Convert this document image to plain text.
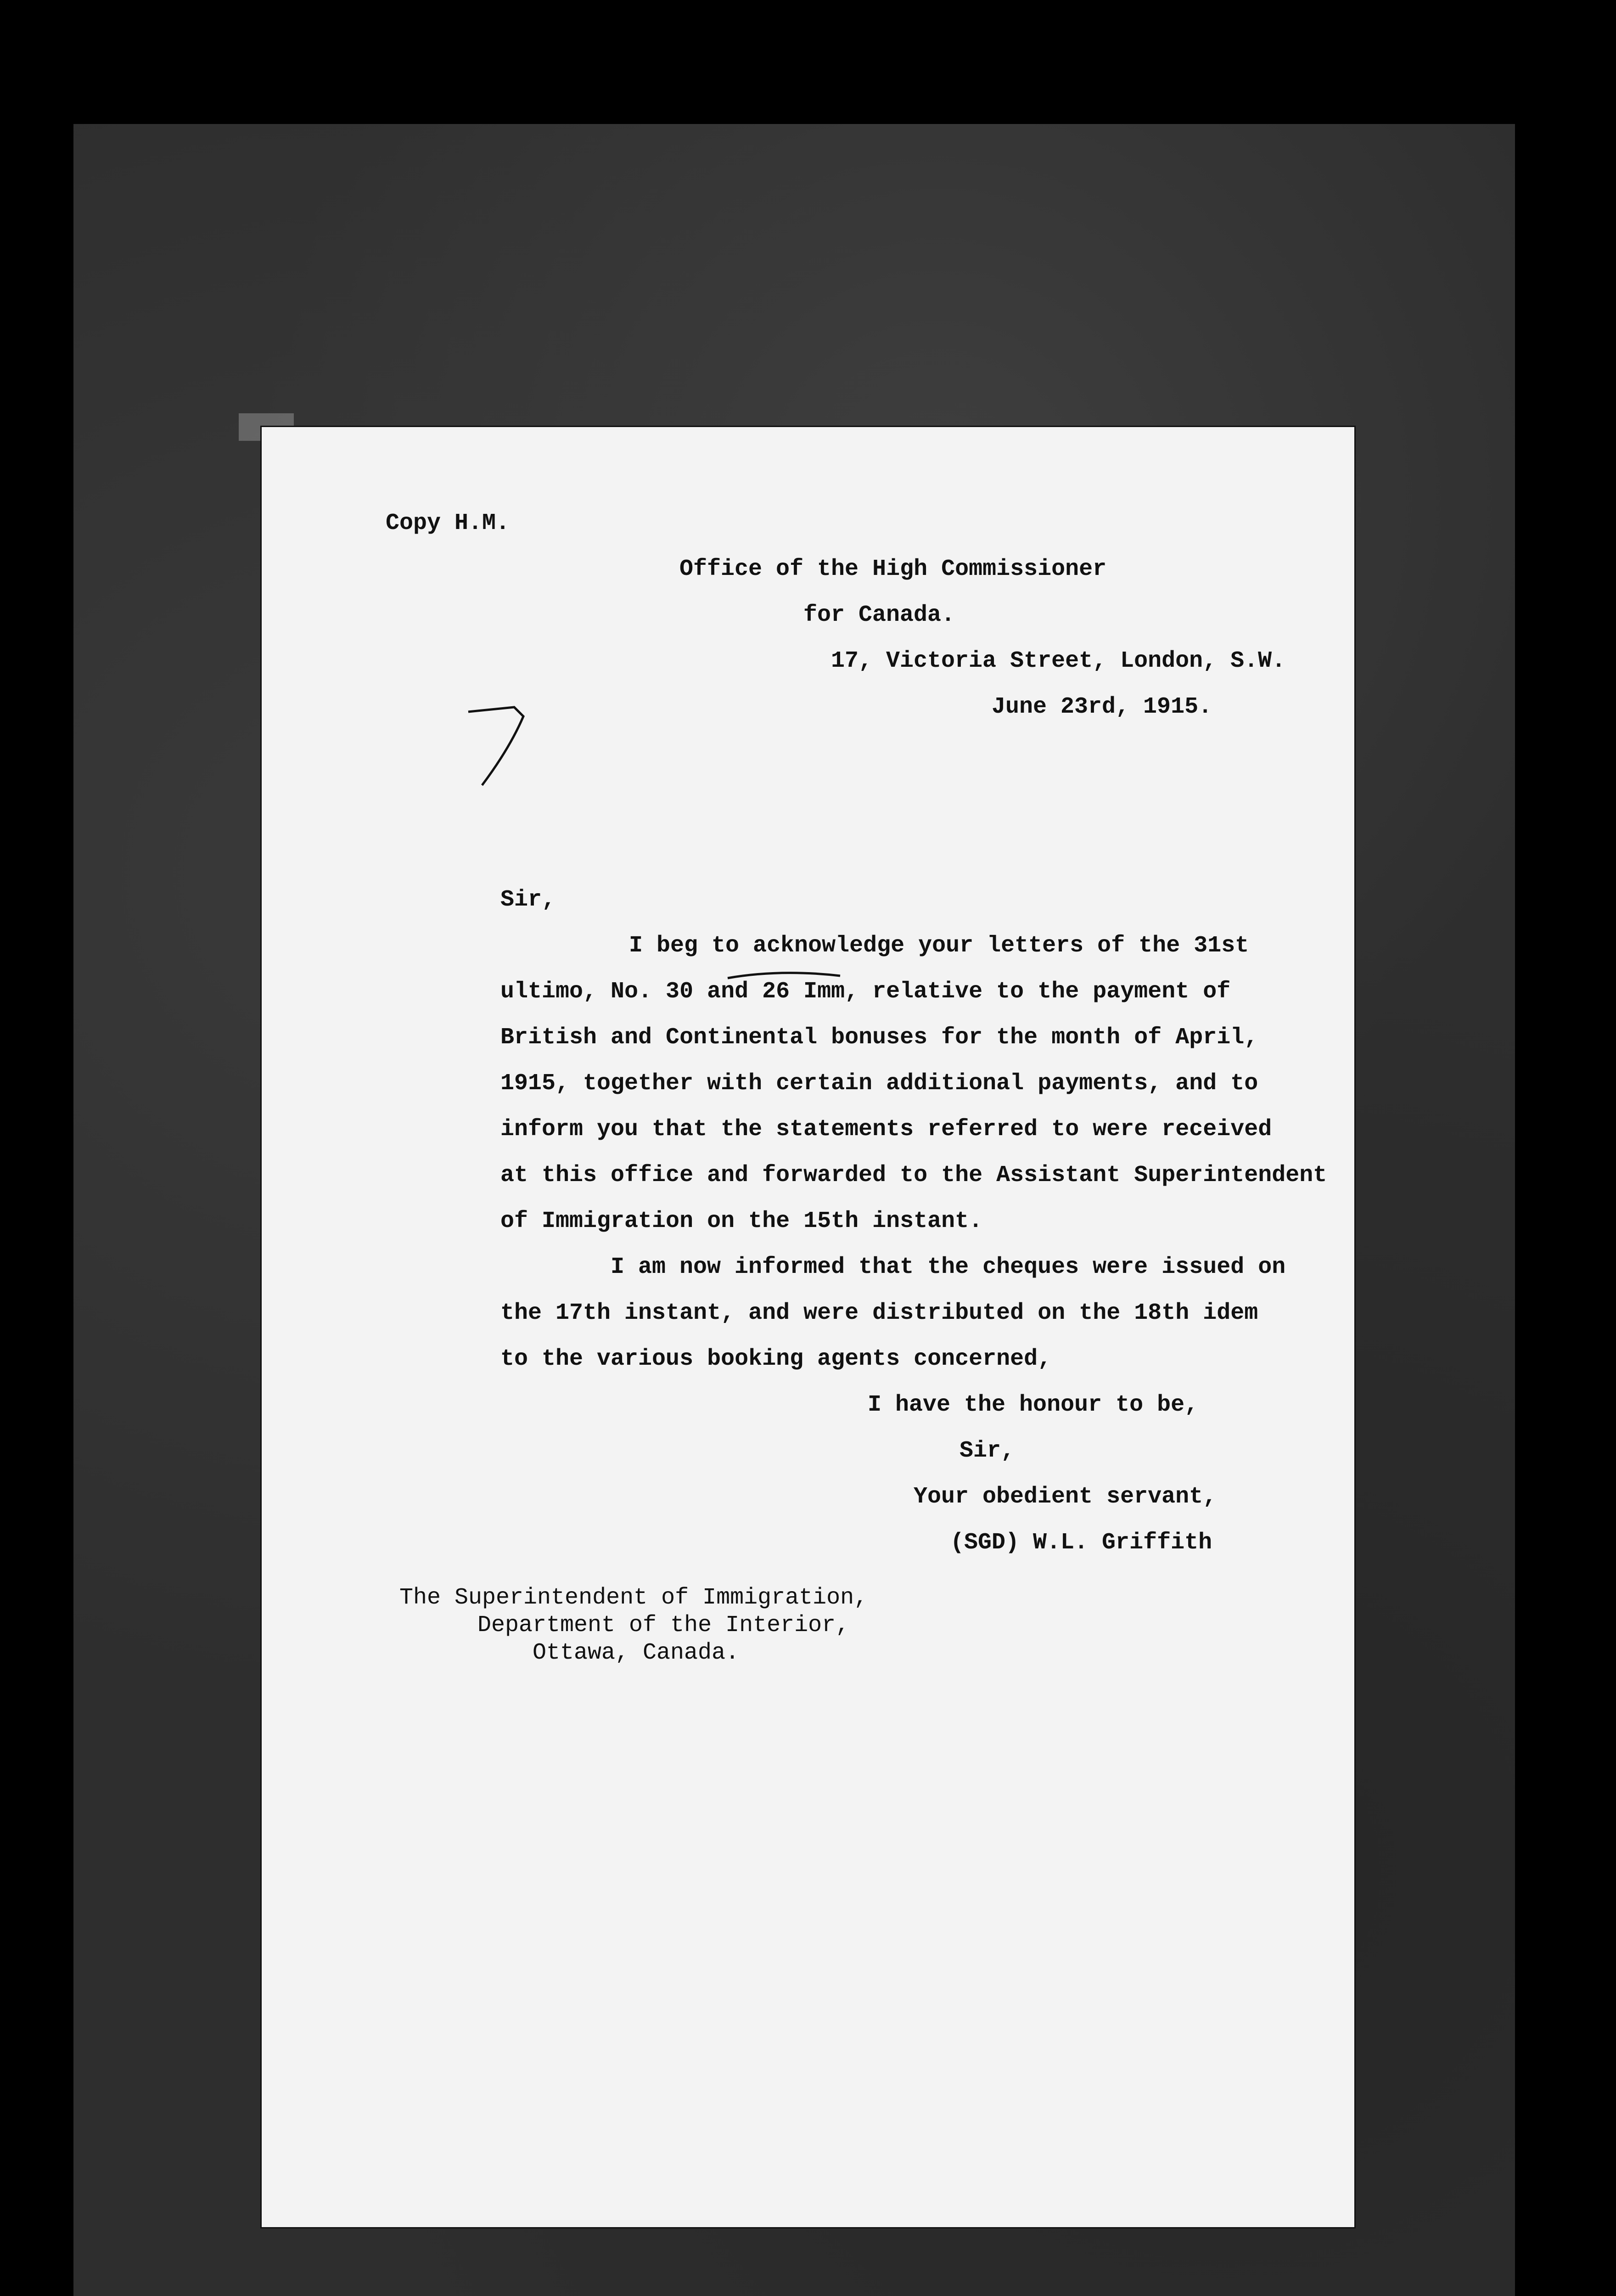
Copy H.M.
Office of the High Commissioner
for Canada.
17, Victoria Street, London, S.W.
June 23rd, 1915.
Sir,
I beg to acknowledge your letters of the 31st
ultimo, No. 30 and 26 Imm, relative to the payment of
British and Continental bonuses for the month of April,
1915, together with certain additional payments, and to
inform you that the statements referred to were received
at this office and forwarded to the Assistant Superintendent
of Immigration on the 15th instant.
I am now informed that the cheques were issued on
the 17th instant, and were distributed on the 18th idem
to the various booking agents concerned,
I have the honour to be,
Sir,
Your obedient servant,
(SGD) W.L. Griffith
The Superintendent of Immigration,
Department of the Interior,
Ottawa, Canada.
